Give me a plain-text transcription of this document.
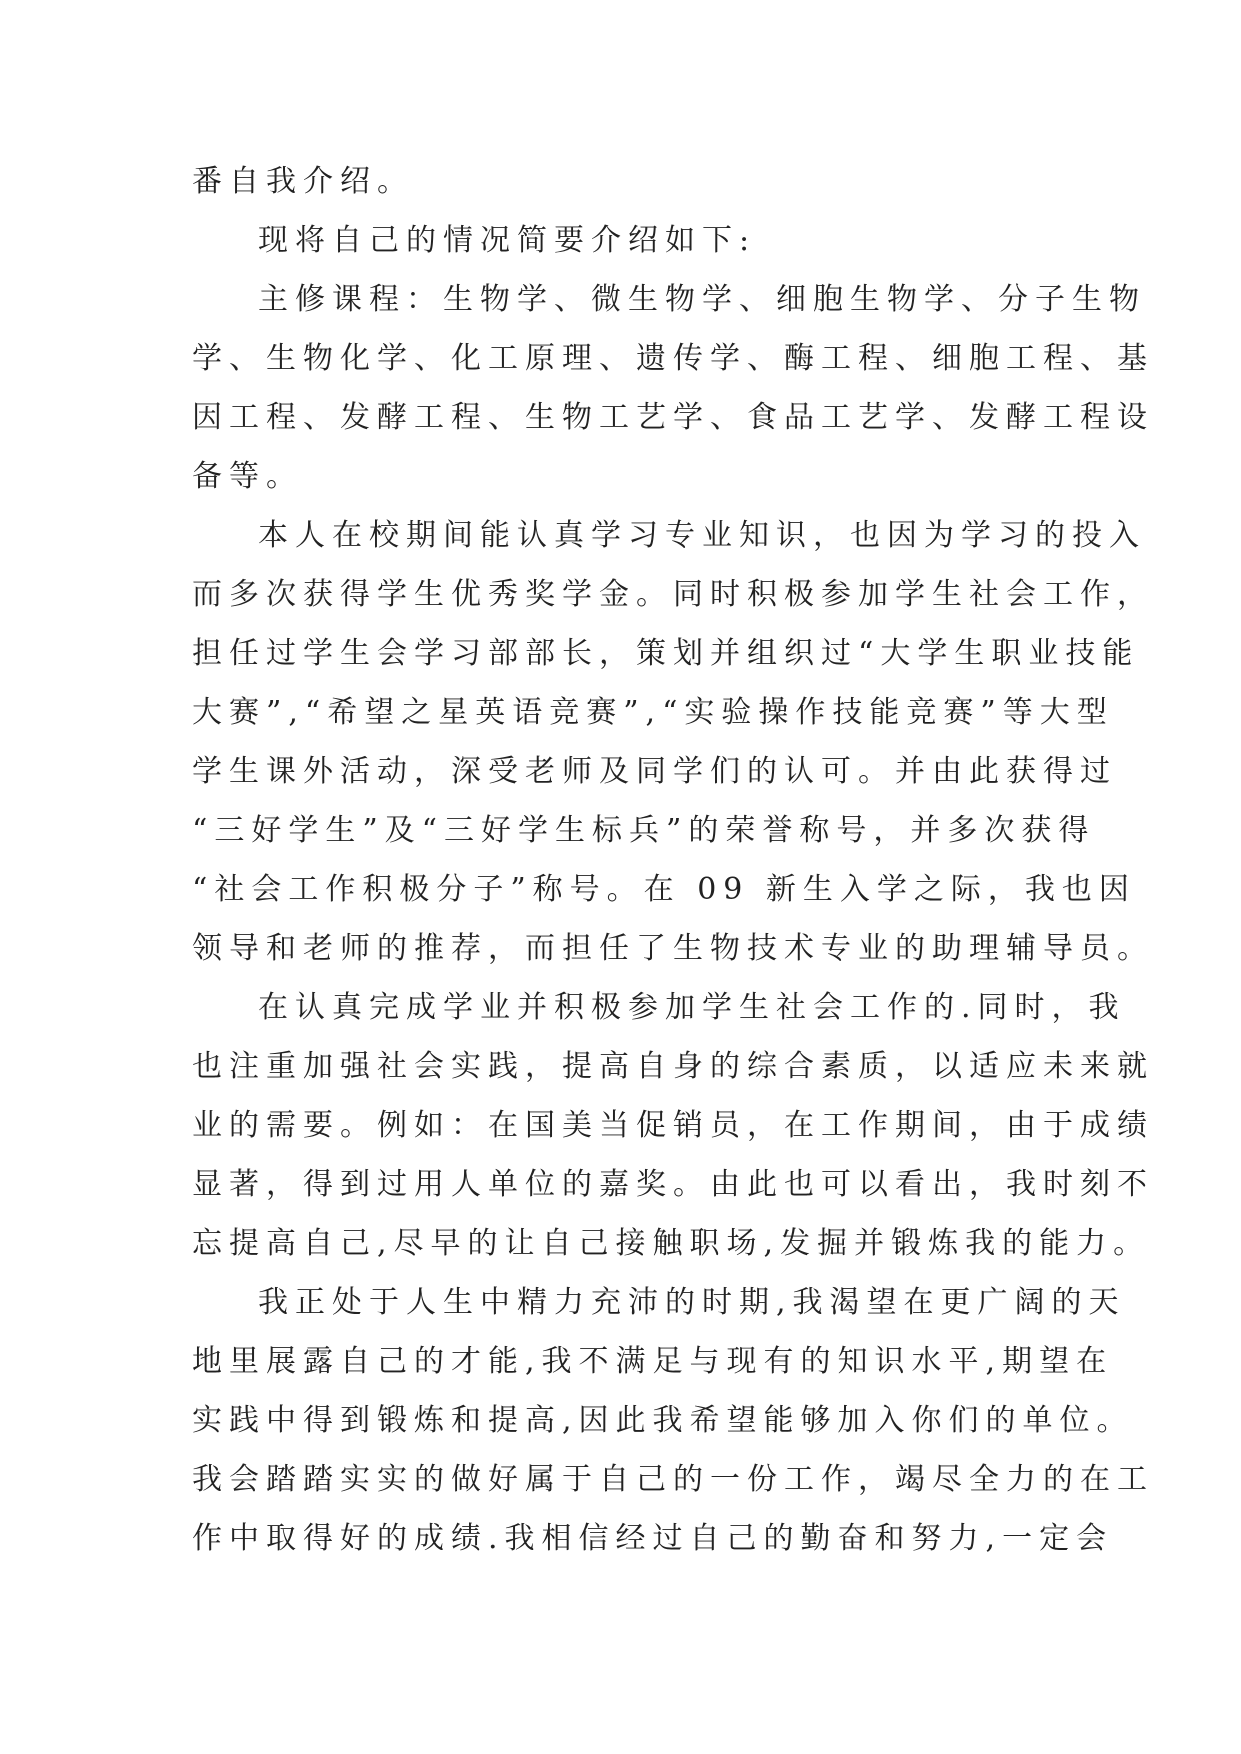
番自我介绍。

现将自己的情况简要介绍如下:

主修课程：生物学、微生物学、细胞生物学、分子生物
学、生物化学、化工原理、遗传学、酶工程、细胞工程、基
因工程、发酵工程、生物工艺学、食品工艺学、发酵工程设
备等。

本人在校期间能认真学习专业知识，也因为学习的投入
而多次获得学生优秀奖学金。同时积极参加学生社会工作，
担任过学生会学习部部长，策划并组织过“大学生职业技能
大赛”,“希望之星英语竞赛”,“实验操作技能竞赛”等大型
学生课外活动，深受老师及同学们的认可。并由此获得过
“三好学生”及“三好学生标兵”的荣誉称号，并多次获得
“社会工作积极分子”称号。在 09 新生入学之际，我也因
领导和老师的推荐，而担任了生物技术专业的助理辅导员。

在认真完成学业并积极参加学生社会工作的.同时，我
也注重加强社会实践，提高自身的综合素质，以适应未来就
业的需要。例如：在国美当促销员，在工作期间，由于成绩
显著，得到过用人单位的嘉奖。由此也可以看出，我时刻不
忘提高自己,尽早的让自己接触职场,发掘并锻炼我的能力。

我正处于人生中精力充沛的时期,我渴望在更广阔的天
地里展露自己的才能,我不满足与现有的知识水平,期望在
实践中得到锻炼和提高,因此我希望能够加入你们的单位。
我会踏踏实实的做好属于自己的一份工作，竭尽全力的在工
作中取得好的成绩.我相信经过自己的勤奋和努力,一定会
